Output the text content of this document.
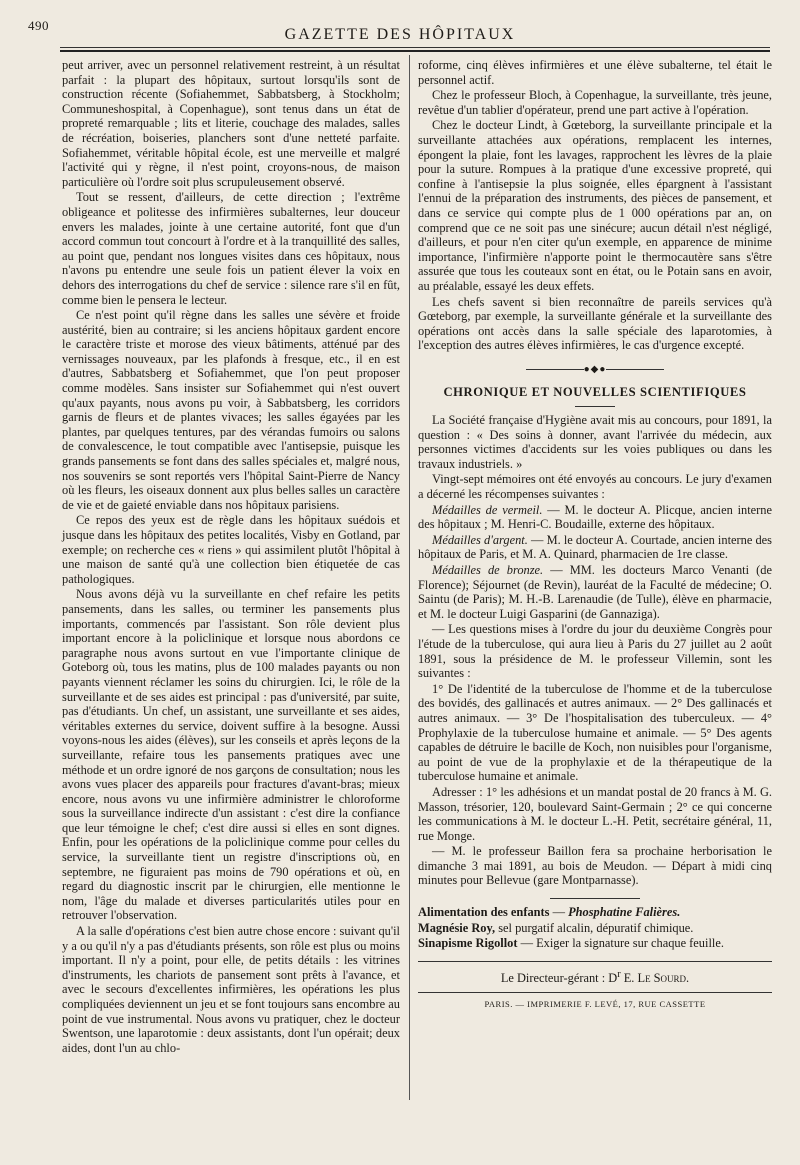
490
GAZETTE DES HÔPITAUX

peut arriver, avec un personnel relativement restreint, à un résultat parfait : la plupart des hôpitaux, surtout lorsqu'ils sont de construction récente (Sofiahemmet, Sabbatsberg, à Stockholm; Communeshospital, à Copenhague), sont tenus dans un état de propreté remarquable ; lits et literie, couchage des malades, salles de récréation, boiseries, planchers sont d'une netteté parfaite. Sofiahemmet, véritable hôpital école, est une merveille et malgré l'activité qui y règne, il n'est point, croyons-nous, de maison particulière où l'ordre soit plus scrupuleusement observé.

Tout se ressent, d'ailleurs, de cette direction ; l'extrême obligeance et politesse des infirmières subalternes, leur douceur envers les malades, jointe à une certaine autorité, font que d'un accord commun tout concourt à l'ordre et à la tranquillité des salles, au point que, pendant nos longues visites dans ces hôpitaux, nous n'avons pu entendre une seule fois un patient élever la voix en dehors des interrogations du chef de service : silence rare s'il en fût, comme bien le pensera le lecteur.

Ce n'est point qu'il règne dans les salles une sévère et froide austérité, bien au contraire; si les anciens hôpitaux gardent encore le caractère triste et morose des vieux bâtiments, atténué par des vernissages nouveaux, par les plafonds à fresque, etc., il en est d'autres, Sabbatsberg et Sofiahemmet, que l'on peut proposer comme modèles. Sans insister sur Sofiahemmet qui n'est ouvert qu'aux payants, nous avons pu voir, à Sabbatsberg, les corridors garnis de fleurs et de plantes vivaces; les salles égayées par les plantes, par quelques tentures, par des vérandas fumoirs ou salons de convalescence, le tout compatible avec l'antisepsie, puisque les grands pansements se font dans des salles spéciales et, malgré nous, nos souvenirs se sont reportés vers l'hôpital Saint-Pierre de Nancy où les fleurs, les oiseaux donnent aux plus belles salles un caractère de vie et de gaieté enviable dans nos hôpitaux parisiens.

Ce repos des yeux est de règle dans les hôpitaux suédois et jusque dans les hôpitaux des petites localités, Visby en Gotland, par exemple; on recherche ces « riens » qui assimilent plutôt l'hôpital à une maison de santé qu'à une collection bien étiquetée de cas pathologiques.

Nous avons déjà vu la surveillante en chef refaire les petits pansements, dans les salles, ou terminer les pansements plus importants, commencés par l'assistant. Son rôle devient plus important encore à la policlinique et lorsque nous abordons ce paragraphe nous avons surtout en vue l'importante clinique de Goteborg où, tous les matins, plus de 100 malades payants ou non payants viennent réclamer les soins du chirurgien. Ici, le rôle de la surveillante et de ses aides est principal : pas d'université, par suite, pas d'étudiants. Un chef, un assistant, une surveillante et ses aides, véritables externes du service, doivent suffire à la besogne. Aussi voyons-nous les aides (élèves), sur les conseils et après leçons de la surveillante, refaire tous les pansements pratiques avec une méthode et un ordre ignoré de nos garçons de consultation; nous les avons vues placer des appareils pour fractures d'avant-bras; mieux encore, nous avons vu une infirmière administrer le chloroforme sous la surveillance indirecte d'un assistant : c'est dire la confiance que leur témoigne le chef; c'est dire aussi si elles en sont dignes. Enfin, pour les opérations de la policlinique comme pour celles du service, la surveillante tient un registre d'inscriptions où, en septembre, ne figuraient pas moins de 790 opérations et où, en regard du diagnostic inscrit par le chirurgien, elle mentionne le nom, l'âge du malade et diverses particularités utiles pour en retrouver l'observation.

A la salle d'opérations c'est bien autre chose encore : suivant qu'il y a ou qu'il n'y a pas d'étudiants présents, son rôle est plus ou moins important. Il n'y a point, pour elle, de petits détails : les vitrines d'instruments, les chariots de pansement sont prêts à l'avance, et avec le secours d'excellentes infirmières, les opérations les plus compliquées deviennent un jeu et se font toujours sans encombre au point de vue instrumental. Nous avons vu pratiquer, chez le docteur Swentson, une laparotomie : deux assistants, dont l'un opérait; deux aides, dont l'un au chlo-

roforme, cinq élèves infirmières et une élève subalterne, tel était le personnel actif.

Chez le professeur Bloch, à Copenhague, la surveillante, très jeune, revêtue d'un tablier d'opérateur, prend une part active à l'opération.

Chez le docteur Lindt, à Gœteborg, la surveillante principale et la surveillante attachées aux opérations, remplacent les internes, épongent la plaie, font les lavages, rapprochent les lèvres de la plaie pour la suture. Rompues à la pratique d'une excessive propreté, qui confine à l'antisepsie la plus soignée, elles épargnent à l'assistant l'ennui de la préparation des instruments, des pièces de pansement, et dans ce service qui compte plus de 1 000 opérations par an, on comprend que ce ne soit pas une sinécure; aucun détail n'est négligé, d'ailleurs, et pour n'en citer qu'un exemple, en apparence de minime importance, l'infirmière n'apporte point le thermocautère sans s'être assurée que tous les couteaux sont en état, ou le Potain sans en avoir, au préalable, essayé les deux effets.

Les chefs savent si bien reconnaître de pareils services qu'à Gœteborg, par exemple, la surveillante générale et la surveillante des opérations ont accès dans la salle spéciale des laparotomies, à l'exception des autres élèves infirmières, le cas d'urgence excepté.

●◆●
CHRONIQUE ET NOUVELLES SCIENTIFIQUES

La Société française d'Hygiène avait mis au concours, pour 1891, la question : « Des soins à donner, avant l'arrivée du médecin, aux personnes victimes d'accidents sur les voies publiques ou dans les travaux industriels. »

Vingt-sept mémoires ont été envoyés au concours. Le jury d'examen a décerné les récompenses suivantes :

Médailles de vermeil. — M. le docteur A. Plicque, ancien interne des hôpitaux ; M. Henri-C. Boudaille, externe des hôpitaux.

Médailles d'argent. — M. le docteur A. Courtade, ancien interne des hôpitaux de Paris, et M. A. Quinard, pharmacien de 1re classe.

Médailles de bronze. — MM. les docteurs Marco Venanti (de Florence); Séjournet (de Revin), lauréat de la Faculté de médecine; O. Saintu (de Paris); M. H.-B. Larenaudie (de Tulle), élève en pharmacie, et M. le docteur Luigi Gasparini (de Gannaziga).

— Les questions mises à l'ordre du jour du deuxième Congrès pour l'étude de la tuberculose, qui aura lieu à Paris du 27 juillet au 2 août 1891, sous la présidence de M. le professeur Villemin, sont les suivantes :

1° De l'identité de la tuberculose de l'homme et de la tuberculose des bovidés, des gallinacés et autres animaux. — 2° Des gallinacés et autres animaux. — 3° De l'hospitalisation des tuberculeux. — 4° Prophylaxie de la tuberculose humaine et animale. — 5° Des agents capables de détruire le bacille de Koch, non nuisibles pour l'organisme, au point de vue de la prophylaxie et de la thérapeutique de la tuberculose humaine et animale.

Adresser : 1° les adhésions et un mandat postal de 20 francs à M. G. Masson, trésorier, 120, boulevard Saint-Germain ; 2° ce qui concerne les communications à M. le docteur L.-H. Petit, secrétaire général, 11, rue Monge.

— M. le professeur Baillon fera sa prochaine herborisation le dimanche 3 mai 1891, au bois de Meudon. — Départ à midi cinq minutes pour Bellevue (gare Montparnasse).

Alimentation des enfants — Phosphatine Falières.

Magnésie Roy, sel purgatif alcalin, dépuratif chimique.

Sinapisme Rigollot — Exiger la signature sur chaque feuille.

Le Directeur-gérant : $D^r$ E. Le Sourd.
PARIS. — IMPRIMERIE F. LEVÉ, 17, RUE CASSETTE
